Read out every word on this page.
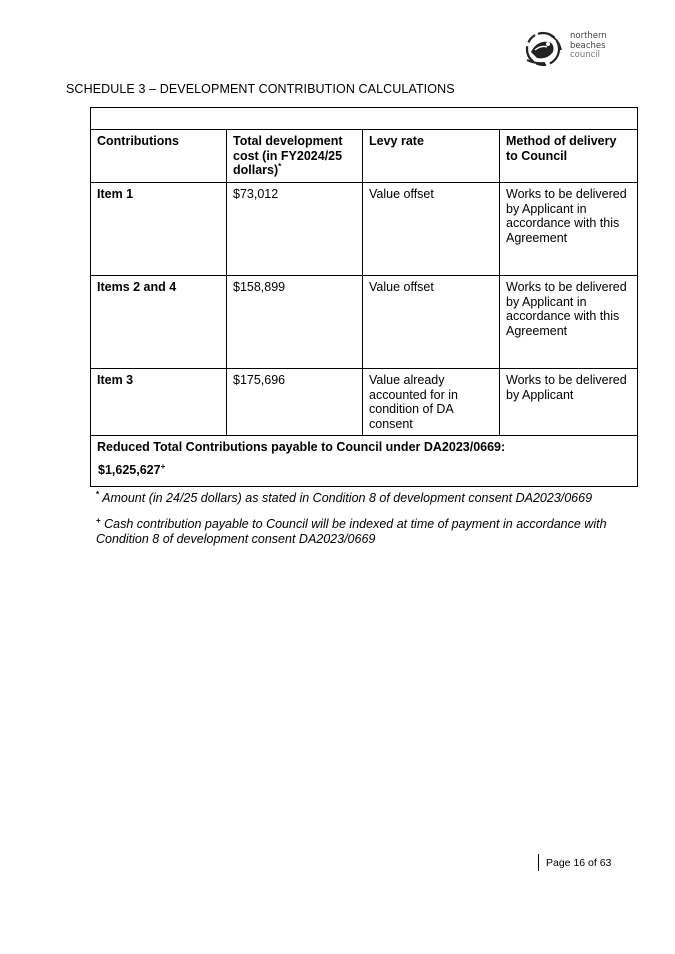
northern
beaches
council
SCHEDULE 3 – DEVELOPMENT CONTRIBUTION CALCULATIONS

Contributions	Total development cost (in FY2024/25 dollars)*	Levy rate	Method of delivery to Council
Item 1	$73,012	Value offset	Works to be delivered by Applicant in accordance with this Agreement
Items 2 and 4	$158,899	Value offset	Works to be delivered by Applicant in accordance with this Agreement
Item 3	$175,696	Value already accounted for in condition of DA consent	Works to be delivered by Applicant
Reduced Total Contributions payable to Council under DA2023/0669:
$1,625,627+
* Amount (in 24/25 dollars) as stated in Condition 8 of development consent DA2023/0669
+ Cash contribution payable to Council will be indexed at time of payment in accordance with Condition 8 of development consent DA2023/0669
Page 16 of 63
